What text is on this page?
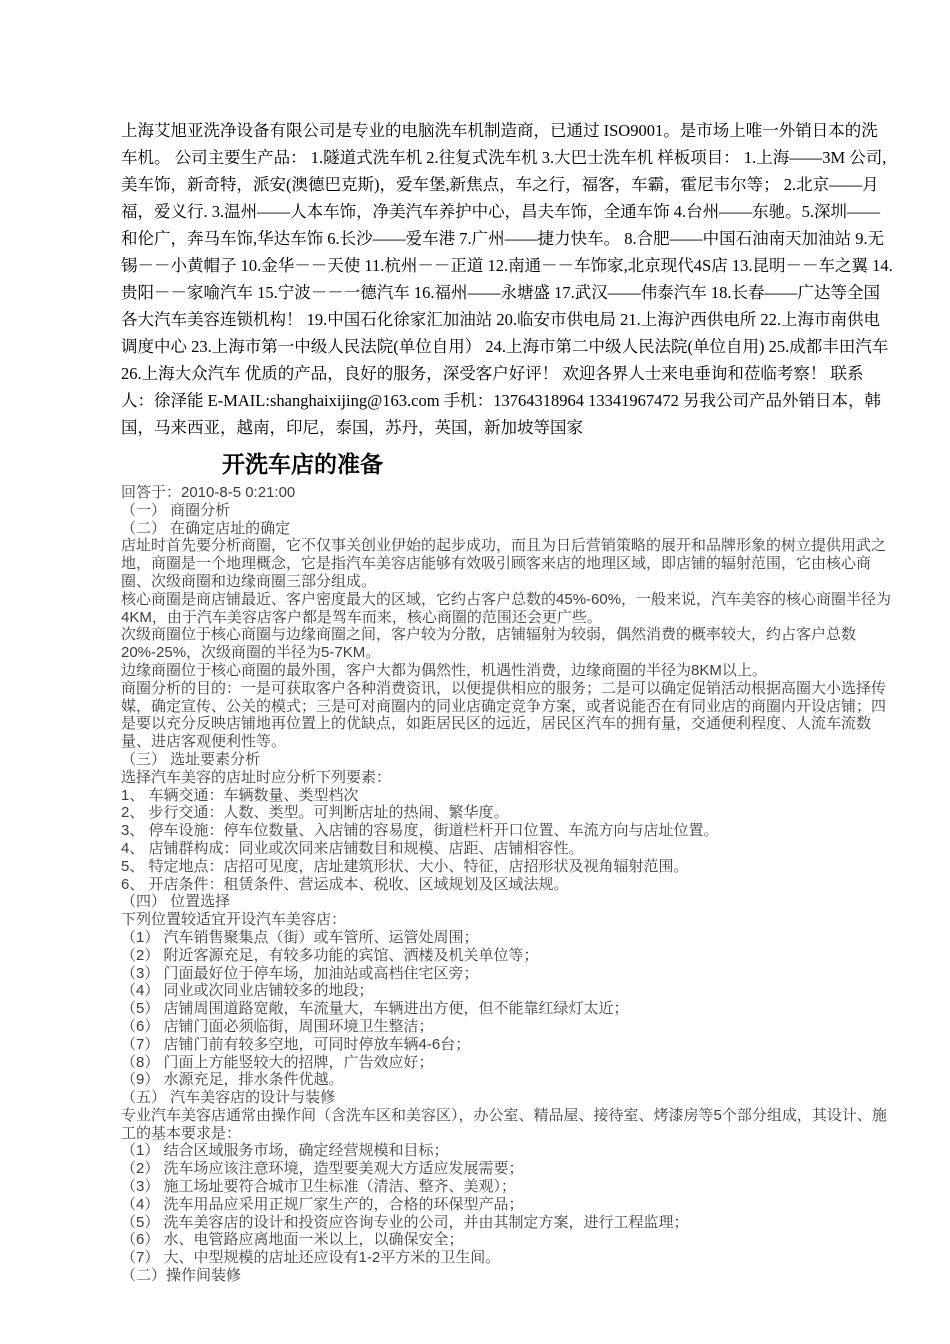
上海艾旭亚洗净设备有限公司是专业的电脑洗车机制造商，已通过 ISO9001。是市场上唯一外销日本的洗车机。 公司主要生产品： 1.隧道式洗车机 2.往复式洗车机 3.大巴士洗车机 样板项目： 1.上海——3M 公司,美车饰，新奇特，派安(澳德巴克斯)，爱车堡,新焦点，车之行，福客，车霸，霍尼韦尔等； 2.北京——月福，爱义行. 3.温州——人本车饰，净美汽车养护中心，昌夫车饰，全通车饰 4.台州——东驰。5.深圳——和伦广，奔马车饰,华达车饰 6.长沙——爱车港 7.广州——捷力快车。 8.合肥——中国石油南天加油站 9.无锡－－小黄帽子 10.金华－－天使 11.杭州－－正道 12.南通－－车饰家,北京现代4S店 13.昆明－－车之翼 14.贵阳－－家喻汽车 15.宁波－－一德汽车 16.福州——永塘盛 17.武汉——伟泰汽车 18.长春——广达等全国各大汽车美容连锁机构！ 19.中国石化徐家汇加油站 20.临安市供电局 21.上海沪西供电所 22.上海市南供电调度中心 23.上海市第一中级人民法院(单位自用） 24.上海市第二中级人民法院(单位自用) 25.成都丰田汽车 26.上海大众汽车 优质的产品，良好的服务，深受客户好评！ 欢迎各界人士来电垂询和莅临考察！ 联系人：徐泽能 E-MAIL:shanghaixijing@163.com 手机：13764318964 13341967472 另我公司产品外销日本，韩国，马来西亚，越南，印尼，泰国，苏丹，英国，新加坡等国家
开洗车店的准备
回答于：2010-8-5 0:21:00
（一） 商圈分析
（二） 在确定店址的确定
店址时首先要分析商圈，它不仅事关创业伊始的起步成功，而且为日后营销策略的展开和品牌形象的树立提供用武之地，商圈是一个地理概念，它是指汽车美容店能够有效吸引顾客来店的地理区域，即店铺的辐射范围，它由核心商圈、次级商圈和边缘商圈三部分组成。
核心商圈是商店铺最近、客户密度最大的区域，它约占客户总数的45%-60%，一般来说，汽车美容的核心商圈半径为4KM，由于汽车美容店客户都是驾车而来，核心商圈的范围还会更广些。
次级商圈位于核心商圈与边缘商圈之间，客户较为分散，店铺辐射为较弱，偶然消费的概率较大，约占客户总数20%-25%，次级商圈的半径为5-7KM。
边缘商圈位于核心商圈的最外围，客户大都为偶然性，机遇性消费，边缘商圈的半径为8KM以上。
商圈分析的目的：一是可获取客户各种消费资讯，以便提供相应的服务；二是可以确定促销活动根据高圈大小选择传媒，确定宣传、公关的模式；三是可对商圈内的同业店确定竞争方案，或者说能否在有同业店的商圈内开设店铺；四是要以充分反映店铺地再位置上的优缺点，如距居民区的远近，居民区汽车的拥有量，交通便利程度、人流车流数量、进店客观便利性等。
（三） 选址要素分析
选择汽车美容的店址时应分析下列要素：
1、 车辆交通：车辆数量、类型档次
2、 步行交通：人数、类型。可判断店址的热闹、繁华度。
3、 停车设施：停车位数量、入店铺的容易度，街道栏杆开口位置、车流方向与店址位置。
4、 店铺群构成：同业或次同来店铺数目和规模、店距、店铺相容性。
5、 特定地点：店招可见度，店址建筑形状、大小、特征，店招形状及视角辐射范围。
6、 开店条件：租赁条件、营运成本、税收、区域规划及区域法规。
（四） 位置选择
下列位置较适宜开设汽车美容店：
（1） 汽车销售聚集点（街）或车管所、运管处周围；
（2） 附近客源充足，有较多功能的宾馆、洒楼及机关单位等；
（3） 门面最好位于停车场，加油站或高档住宅区旁；
（4） 同业或次同业店铺较多的地段；
（5） 店铺周围道路宽敞，车流量大，车辆进出方便，但不能靠红绿灯太近；
（6） 店铺门面必须临街，周围环境卫生整洁；
（7） 店铺门前有较多空地，可同时停放车辆4-6台；
（8） 门面上方能竖较大的招牌，广告效应好；
（9） 水源充足，排水条件优越。
（五） 汽车美容店的设计与装修
专业汽车美容店通常由操作间（含洗车区和美容区），办公室、精品屋、接待室、烤漆房等5个部分组成，其设计、施工的基本要求是：
（1） 结合区域服务市场，确定经营规模和目标；
（2） 洗车场应该注意环境，造型要美观大方适应发展需要；
（3） 施工场址要符合城市卫生标准（清洁、整齐、美观）；
（4） 洗车用品应采用正规厂家生产的，合格的环保型产品；
（5） 洗车美容店的设计和投资应咨询专业的公司，并由其制定方案，进行工程监理；
（6） 水、电管路应离地面一米以上，以确保安全；
（7） 大、中型规模的店址还应设有1-2平方米的卫生间。
（二）操作间装修
